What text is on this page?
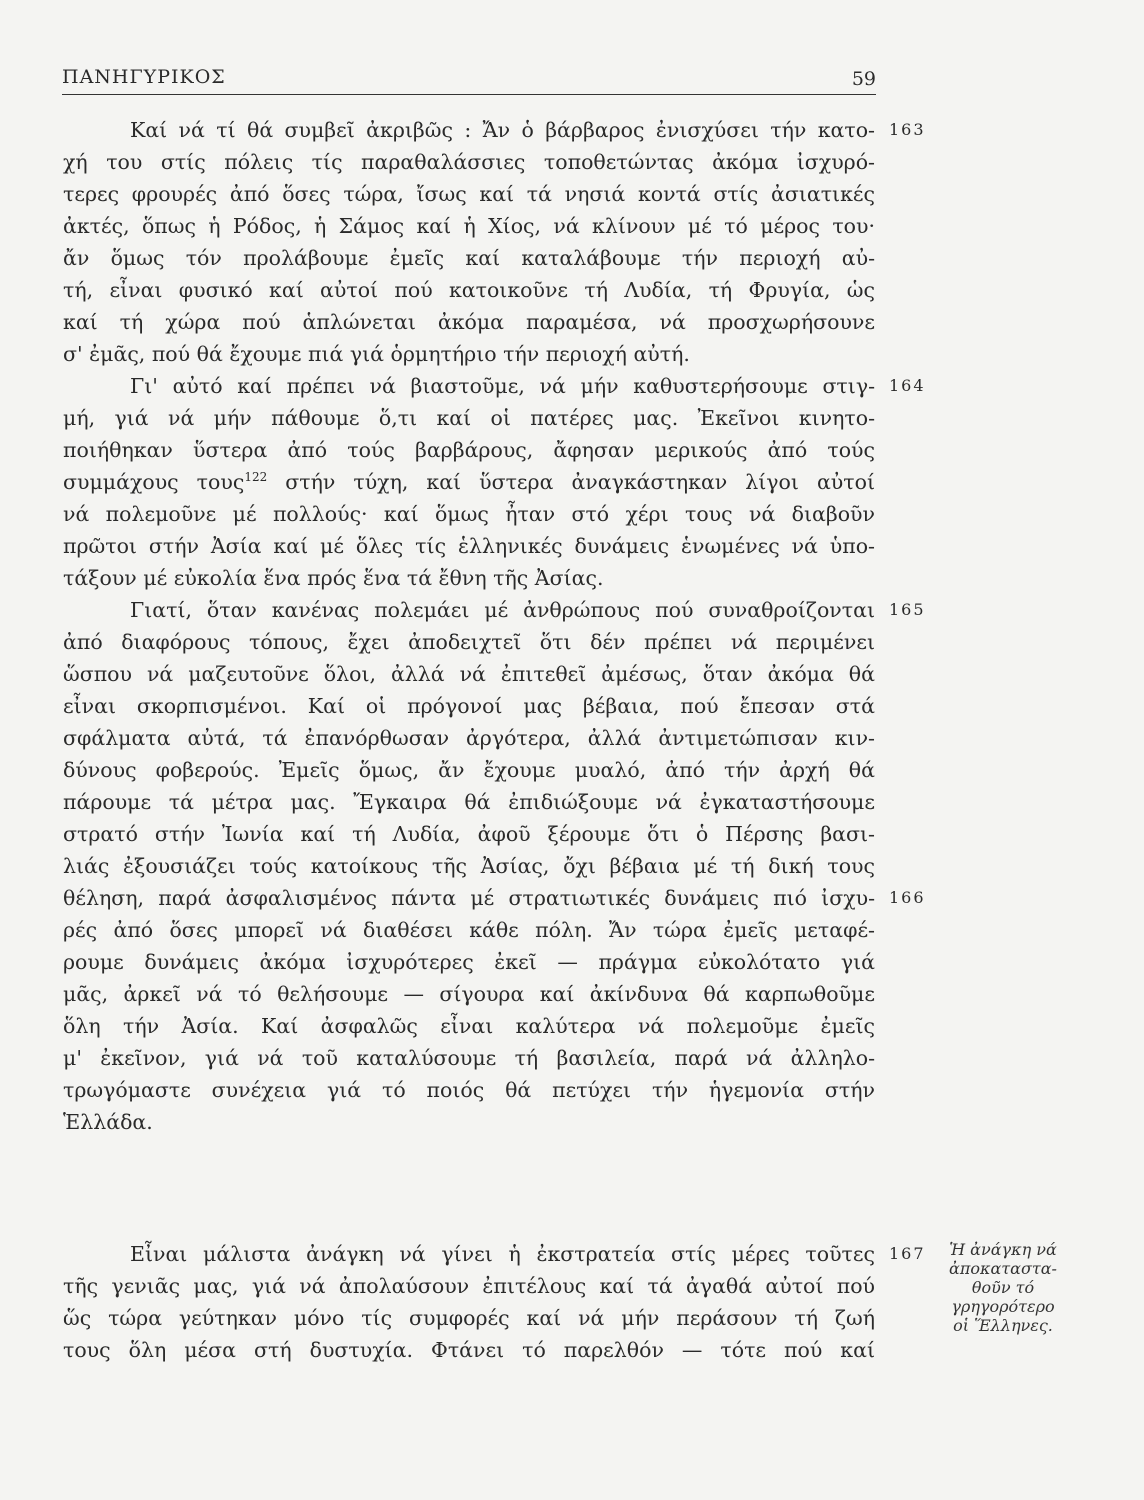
ΠΑΝΗΓΥΡΙΚΟΣ	59
Καί νά τί θά συμβεῖ ἀκριβῶς : Ἄν ὁ βάρβαρος ἐνισχύσει τήν κατο-
χή του στίς πόλεις τίς παραθαλάσσιες τοποθετώντας ἀκόμα ἰσχυρό-
τερες φρουρές ἀπό ὅσες τώρα, ἴσως καί τά νησιά κοντά στίς ἀσιατικές
ἀκτές, ὅπως ἡ Ρόδος, ἡ Σάμος καί ἡ Χίος, νά κλίνουν μέ τό μέρος του·
ἄν ὅμως τόν προλάβουμε ἐμεῖς καί καταλάβουμε τήν περιοχή αὐ-
τή, εἶναι φυσικό καί αὐτοί πού κατοικοῦνε τή Λυδία, τή Φρυγία, ὡς
καί τή χώρα πού ἁπλώνεται ἀκόμα παραμέσα, νά προσχωρήσουνε
σ' ἐμᾶς, πού θά ἔχουμε πιά γιά ὁρμητήριο τήν περιοχή αὐτή.
Γι' αὐτό καί πρέπει νά βιαστοῦμε, νά μήν καθυστερήσουμε στιγ-
μή, γιά νά μήν πάθουμε ὅ,τι καί οἱ πατέρες μας. Ἐκεῖνοι κινητο-
ποιήθηκαν ὕστερα ἀπό τούς βαρβάρους, ἄφησαν μερικούς ἀπό τούς
συμμάχους τους$^{122}$ στήν τύχη, καί ὕστερα ἀναγκάστηκαν λίγοι αὐτοί
νά πολεμοῦνε μέ πολλούς· καί ὅμως ἦταν στό χέρι τους νά διαβοῦν
πρῶτοι στήν Ἀσία καί μέ ὅλες τίς ἑλληνικές δυνάμεις ἑνωμένες νά ὑπο-
τάξουν μέ εὐκολία ἕνα πρός ἕνα τά ἔθνη τῆς Ἀσίας.
Γιατί, ὅταν κανένας πολεμάει μέ ἀνθρώπους πού συναθροίζονται
ἀπό διαφόρους τόπους, ἔχει ἀποδειχτεῖ ὅτι δέν πρέπει νά περιμένει
ὥσπου νά μαζευτοῦνε ὅλοι, ἀλλά νά ἐπιτεθεῖ ἀμέσως, ὅταν ἀκόμα θά
εἶναι σκορπισμένοι. Καί οἱ πρόγονοί μας βέβαια, πού ἔπεσαν στά
σφάλματα αὐτά, τά ἐπανόρθωσαν ἀργότερα, ἀλλά ἀντιμετώπισαν κιν-
δύνους φοβερούς. Ἐμεῖς ὅμως, ἄν ἔχουμε μυαλό, ἀπό τήν ἀρχή θά
πάρουμε τά μέτρα μας. Ἔγκαιρα θά ἐπιδιώξουμε νά ἐγκαταστήσουμε
στρατό στήν Ἰωνία καί τή Λυδία, ἀφοῦ ξέρουμε ὅτι ὁ Πέρσης βασι-
λιάς ἐξουσιάζει τούς κατοίκους τῆς Ἀσίας, ὄχι βέβαια μέ τή δική τους
θέληση, παρά ἀσφαλισμένος πάντα μέ στρατιωτικές δυνάμεις πιό ἰσχυ-
ρές ἀπό ὅσες μπορεῖ νά διαθέσει κάθε πόλη. Ἄν τώρα ἐμεῖς μεταφέ-
ρουμε δυνάμεις ἀκόμα ἰσχυρότερες ἐκεῖ — πράγμα εὐκολότατο γιά
μᾶς, ἀρκεῖ νά τό θελήσουμε — σίγουρα καί ἀκίνδυνα θά καρπωθοῦμε
ὅλη τήν Ἀσία. Καί ἀσφαλῶς εἶναι καλύτερα νά πολεμοῦμε ἐμεῖς
μ' ἐκεῖνον, γιά νά τοῦ καταλύσουμε τή βασιλεία, παρά νά ἀλληλο-
τρωγόμαστε συνέχεια γιά τό ποιός θά πετύχει τήν ἡγεμονία στήν
Ἑλλάδα.
Εἶναι μάλιστα ἀνάγκη νά γίνει ἡ ἐκστρατεία στίς μέρες τοῦτες
τῆς γενιᾶς μας, γιά νά ἀπολαύσουν ἐπιτέλους καί τά ἀγαθά αὐτοί πού
ὥς τώρα γεύτηκαν μόνο τίς συμφορές καί νά μήν περάσουν τή ζωή
τους ὅλη μέσα στή δυστυχία. Φτάνει τό παρελθόν — τότε πού καί
163
164
165
166
167	Ἡ ἀνάγκη νά
ἀποκαταστα-
θοῦν τό
γρηγορότερο
οἱ Ἕλληνες.
